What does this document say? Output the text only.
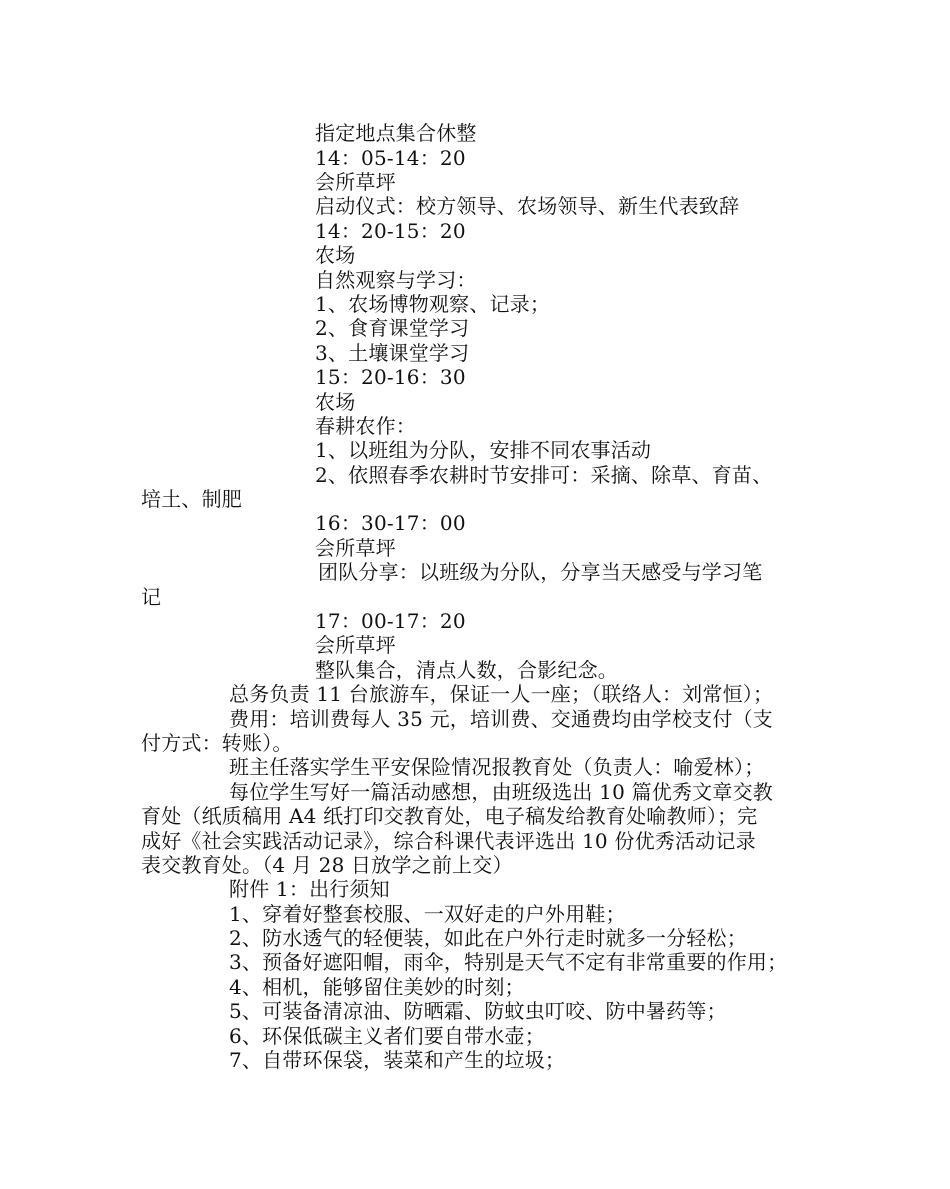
指定地点集合休整
14：05-14：20
会所草坪
启动仪式：校方领导、农场领导、新生代表致辞
14：20-15：20
农场
自然观察与学习：
1、农场博物观察、记录；
2、食育课堂学习
3、土壤课堂学习
15：20-16：30
农场
春耕农作：
1、以班组为分队，安排不同农事活动
2、依照春季农耕时节安排可：采摘、除草、育苗、
培土、制肥
16：30-17：00
会所草坪
团队分享：以班级为分队，分享当天感受与学习笔
记
17：00-17：20
会所草坪
整队集合，清点人数，合影纪念。
总务负责 11 台旅游车，保证一人一座；（联络人：刘常恒）；
费用：培训费每人 35 元，培训费、交通费均由学校支付（支
付方式：转账）。
班主任落实学生平安保险情况报教育处（负责人：喻爱林）；
每位学生写好一篇活动感想，由班级选出 10 篇优秀文章交教
育处（纸质稿用 A4 纸打印交教育处，电子稿发给教育处喻教师）；完
成好《社会实践活动记录》，综合科课代表评选出 10 份优秀活动记录
表交教育处。（4 月 28 日放学之前上交）
附件 1：出行须知
1、穿着好整套校服、一双好走的户外用鞋；
2、防水透气的轻便装，如此在户外行走时就多一分轻松；
3、预备好遮阳帽，雨伞，特别是天气不定有非常重要的作用；
4、相机，能够留住美妙的时刻；
5、可装备清凉油、防晒霜、防蚊虫叮咬、防中暑药等；
6、环保低碳主义者们要自带水壶；
7、自带环保袋，装菜和产生的垃圾；
